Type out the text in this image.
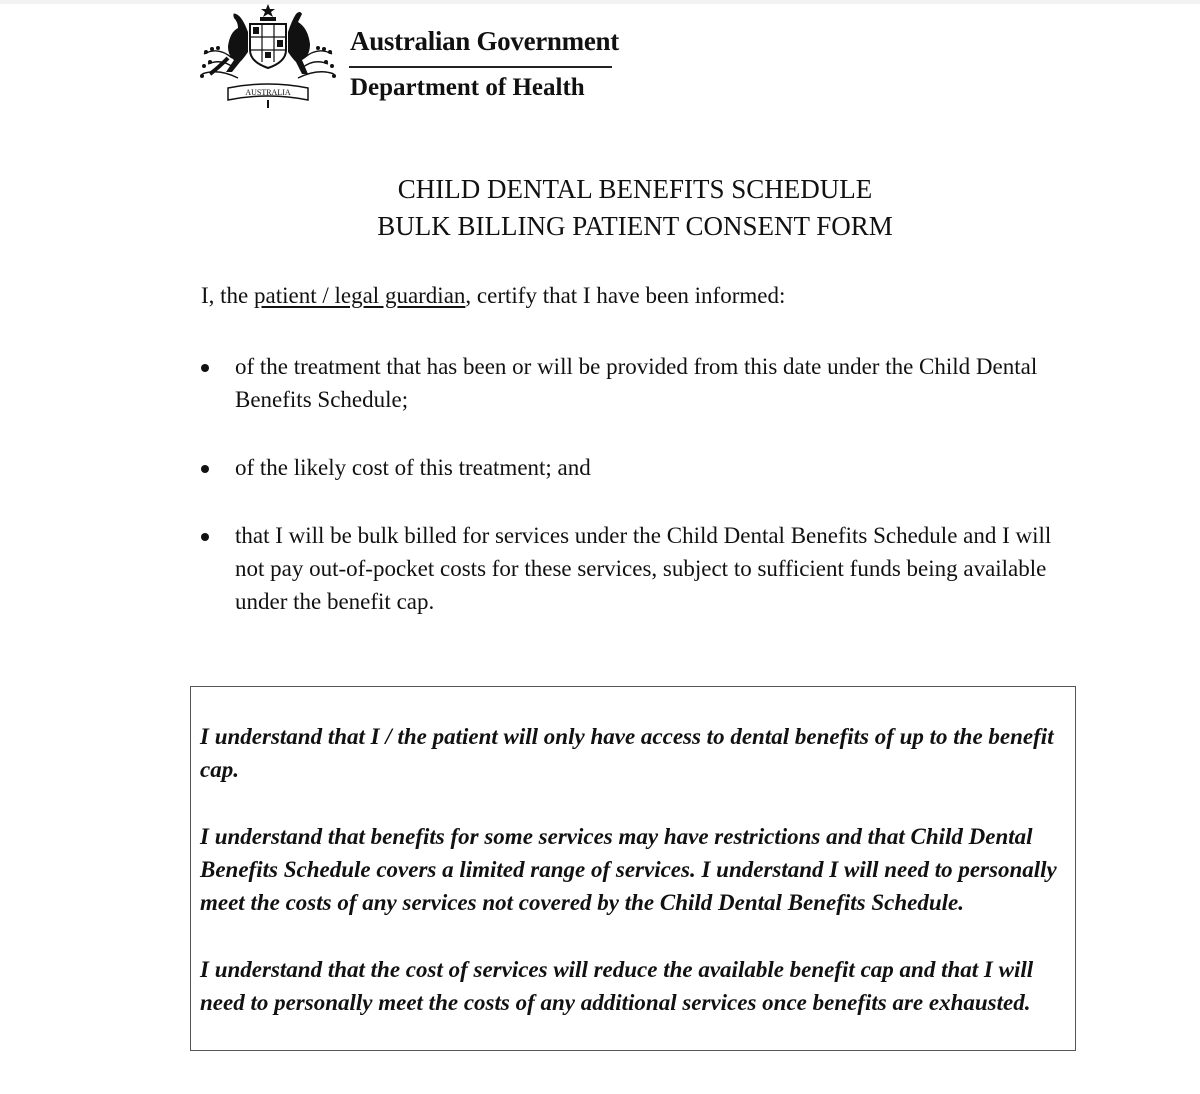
AUSTRALIA
Australian Government
Department of Health
CHILD DENTAL BENEFITS SCHEDULE
BULK BILLING PATIENT CONSENT FORM
I, the patient / legal guardian, certify that I have been informed:
of the treatment that has been or will be provided from this date under the Child Dental Benefits Schedule;
of the likely cost of this treatment; and
that I will be bulk billed for services under the Child Dental Benefits Schedule and I will not pay out-of-pocket costs for these services, subject to sufficient funds being available under the benefit cap.

I understand that I / the patient will only have access to dental benefits of up to the benefit cap.

I understand that benefits for some services may have restrictions and that Child Dental Benefits Schedule covers a limited range of services. I understand I will need to personally meet the costs of any services not covered by the Child Dental Benefits Schedule.

I understand that the cost of services will reduce the available benefit cap and that I will need to personally meet the costs of any additional services once benefits are exhausted.
